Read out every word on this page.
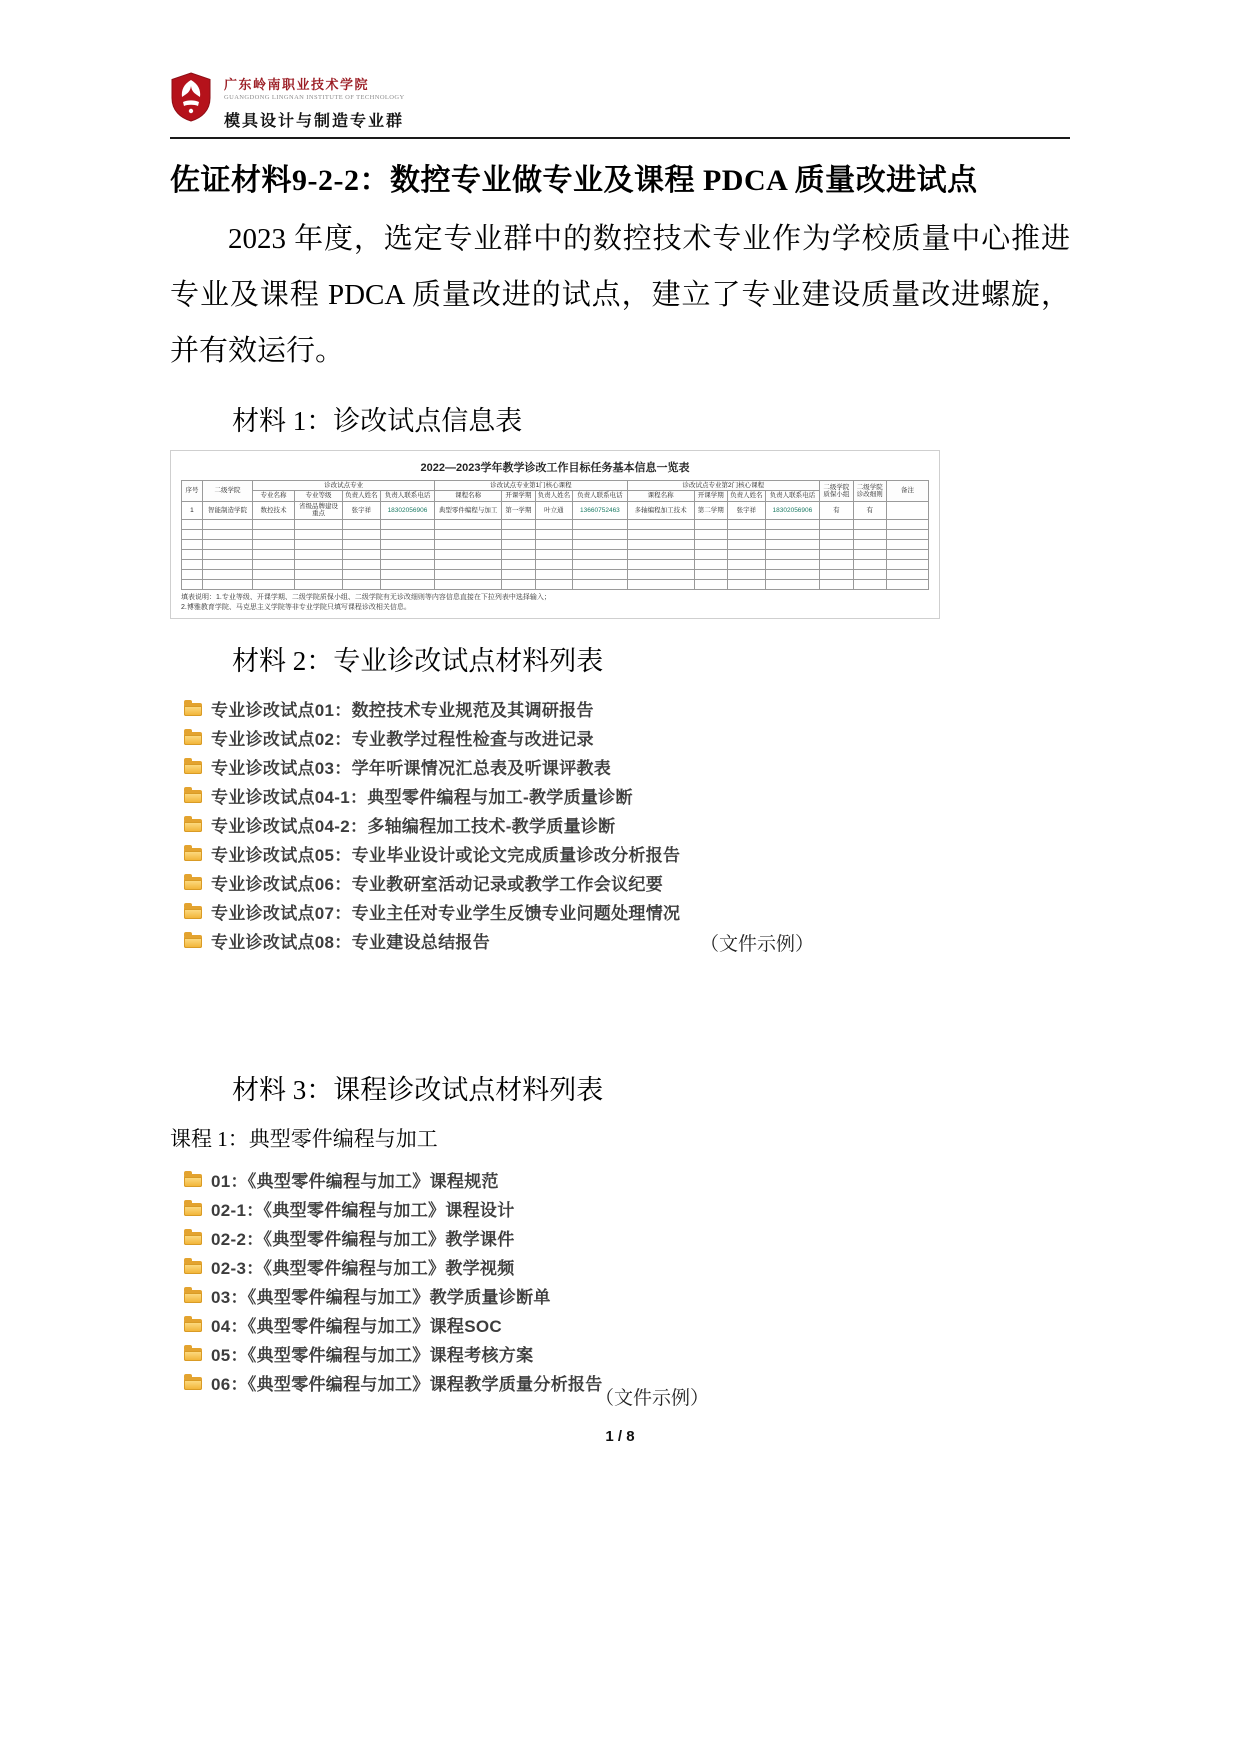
广东岭南职业技术学院
GUANGDONG LINGNAN INSTITUTE OF TECHNOLOGY
模具设计与制造专业群
佐证材料9-2-2：数控专业做专业及课程 PDCA 质量改进试点
2023 年度，选定专业群中的数控技术专业作为学校质量中心推进专业及课程 PDCA 质量改进的试点，建立了专业建设质量改进螺旋，并有效运行。
材料 1：诊改试点信息表
2022—2023学年教学诊改工作目标任务基本信息一览表
序号	二级学院	诊改试点专业				诊改试点专业第1门核心课程				诊改试点专业第2门核心课程				二级学院质保小组	二级学院诊改细则	备注
		专业名称	专业等级	负责人姓名	负责人联系电话	课程名称	开课学期	负责人姓名	负责人联系电话	课程名称	开课学期	负责人姓名	负责人联系电话			
1	智能制造学院	数控技术	省级品牌建设重点	张宇祥	18302056906	典型零件编程与加工	第一学期	叶立通	13660752463	多轴编程加工技术	第二学期	张宇祥	18302056906	有	有	

填表说明：1.专业等级、开课学期、二级学院质保小组、二级学院有无诊改细则等内容信息直接在下拉列表中选择输入；
2.博雅教育学院、马克思主义学院等非专业学院只填写课程诊改相关信息。
材料 2：专业诊改试点材料列表
专业诊改试点01：数控技术专业规范及其调研报告
专业诊改试点02：专业教学过程性检查与改进记录
专业诊改试点03：学年听课情况汇总表及听课评教表
专业诊改试点04-1：典型零件编程与加工-教学质量诊断
专业诊改试点04-2：多轴编程加工技术-教学质量诊断
专业诊改试点05：专业毕业设计或论文完成质量诊改分析报告
专业诊改试点06：专业教研室活动记录或教学工作会议纪要
专业诊改试点07：专业主任对专业学生反馈专业问题处理情况
专业诊改试点08：专业建设总结报告	（文件示例）
材料 3：课程诊改试点材料列表
课程 1：典型零件编程与加工
01：《典型零件编程与加工》课程规范
02-1：《典型零件编程与加工》课程设计
02-2：《典型零件编程与加工》教学课件
02-3：《典型零件编程与加工》教学视频
03：《典型零件编程与加工》教学质量诊断单
04：《典型零件编程与加工》课程SOC
05：《典型零件编程与加工》课程考核方案
06：《典型零件编程与加工》课程教学质量分析报告
（文件示例）
1 / 8
